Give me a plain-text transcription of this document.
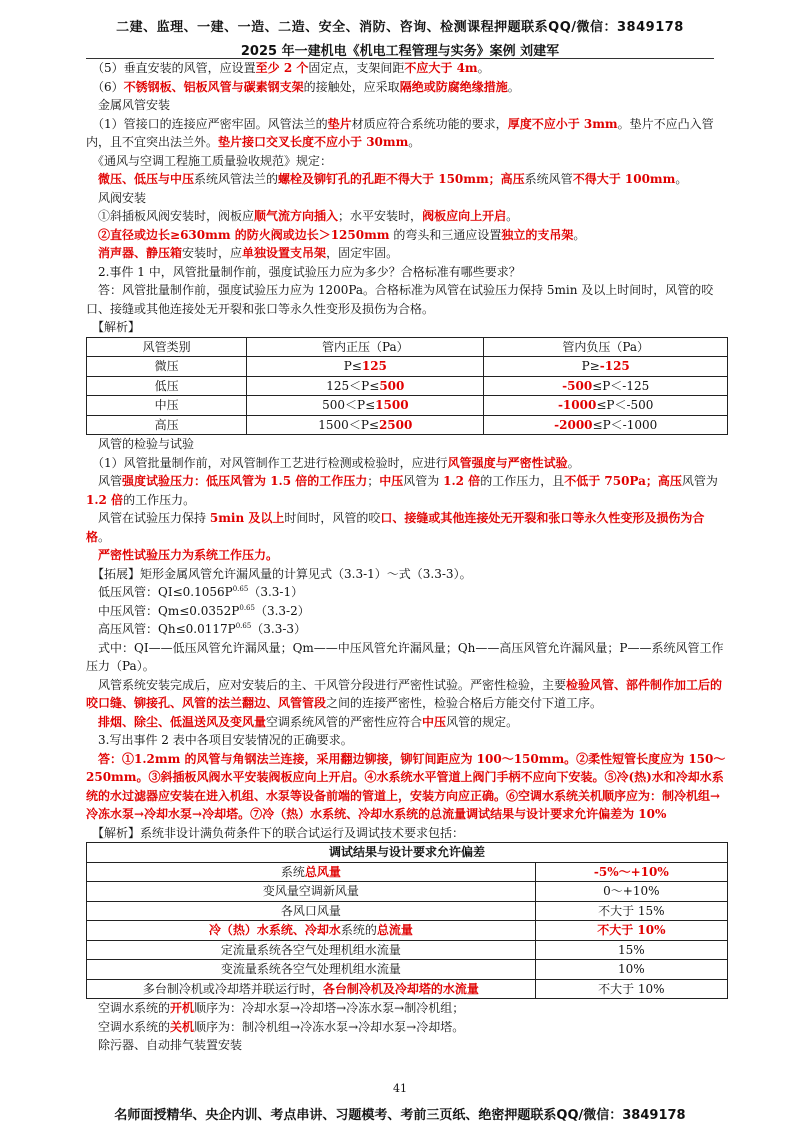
二建、监理、一建、一造、二造、安全、消防、咨询、检测课程押题联系QQ/微信：3849178
2025 年一建机电《机电工程管理与实务》案例 刘建军

　（5）垂直安装的风管，应设置至少 2 个固定点，支架间距不应大于 4m。

　（6）不锈钢板、铝板风管与碳素钢支架的接触处，应采取隔绝或防腐绝缘措施。

　金属风管安装

　（1）管接口的连接应严密牢固。风管法兰的垫片材质应符合系统功能的要求，厚度不应小于 3mm。垫片不应凸入管内，且不宜突出法兰外。垫片接口交叉长度不应小于 30mm。

　《通风与空调工程施工质量验收规范》规定：

　微压、低压与中压系统风管法兰的螺栓及铆钉孔的孔距不得大于 150mm；高压系统风管不得大于 100mm。

　风阀安装

　①斜插板风阀安装时，阀板应顺气流方向插入；水平安装时，阀板应向上开启。

　②直径或边长≥630mm 的防火阀或边长＞1250mm 的弯头和三通应设置独立的支吊架。

　消声器、静压箱安装时，应单独设置支吊架，固定牢固。

　2.事件 1 中，风管批量制作前，强度试验压力应为多少？合格标准有哪些要求？

　答：风管批量制作前，强度试验压力应为 1200Pa。合格标准为风管在试验压力保持 5min 及以上时间时，风管的咬口、接缝或其他连接处无开裂和张口等永久性变形及损伤为合格。

　【解析】

风管类别	管内正压（Pa）	管内负压（Pa）
微压	P≤125	P≥-125
低压	125＜P≤500	-500≤P＜-125
中压	500＜P≤1500	-1000≤P＜-500
高压	1500＜P≤2500	-2000≤P＜-1000

　风管的检验与试验

　（1）风管批量制作前，对风管制作工艺进行检测或检验时，应进行风管强度与严密性试验。

　风管强度试验压力：低压风管为 1.5 倍的工作压力；中压风管为 1.2 倍的工作压力，且不低于 750Pa；高压风管为 1.2 倍的工作压力。

　风管在试验压力保持 5min 及以上时间时，风管的咬口、接缝或其他连接处无开裂和张口等永久性变形及损伤为合格。

　严密性试验压力为系统工作压力。

　【拓展】矩形金属风管允许漏风量的计算见式（3.3-1）～式（3.3-3）。

　低压风管：$QI\le 0.1056P^{0.65}(3.3-1)$

　中压风管：$Qm\le 0.0352P^{0.65}(3.3-2)$

　高压风管：$Qh\le 0.0117P^{0.65}(3.3-3)$

　式中：QI——低压风管允许漏风量；Qm——中压风管允许漏风量；Qh——高压风管允许漏风量；P——系统风管工作压力（Pa）。

　风管系统安装完成后，应对安装后的主、干风管分段进行严密性试验。严密性检验，主要检验风管、部件制作加工后的咬口缝、铆接孔、风管的法兰翻边、风管管段之间的连接严密性，检验合格后方能交付下道工序。

　排烟、除尘、低温送风及变风量空调系统风管的严密性应符合中压风管的规定。

　3.写出事件 2 表中各项目安装情况的正确要求。

　答：①1.2mm 的风管与角钢法兰连接，采用翻边铆接，铆钉间距应为 100～150mm。②柔性短管长度应为 150～250mm。③斜插板风阀水平安装阀板应向上开启。④水系统水平管道上阀门手柄不应向下安装。⑤冷(热)水和冷却水系统的水过滤器应安装在进入机组、水泵等设备前端的管道上，安装方向应正确。⑥空调水系统关机顺序应为：制冷机组→冷冻水泵→冷却水泵→冷却塔。⑦冷（热）水系统、冷却水系统的总流量调试结果与设计要求允许偏差为 10%

　【解析】系统非设计满负荷条件下的联合试运行及调试技术要求包括：

调试结果与设计要求允许偏差	
系统总风量	-5%～+10%
变风量空调新风量	0～+10%
各风口风量	不大于 15%
冷（热）水系统、冷却水系统的总流量	不大于 10%
定流量系统各空气处理机组水流量	15%
变流量系统各空气处理机组水流量	10%
多台制冷机或冷却塔并联运行时，各台制冷机及冷却塔的水流量	不大于 10%

　空调水系统的开机顺序为：冷却水泵→冷却塔→冷冻水泵→制冷机组；

　空调水系统的关机顺序为：制冷机组→冷冻水泵→冷却水泵→冷却塔。

　除污器、自动排气装置安装

41
名师面授精华、央企内训、考点串讲、习题模考、考前三页纸、绝密押题联系QQ/微信：3849178
